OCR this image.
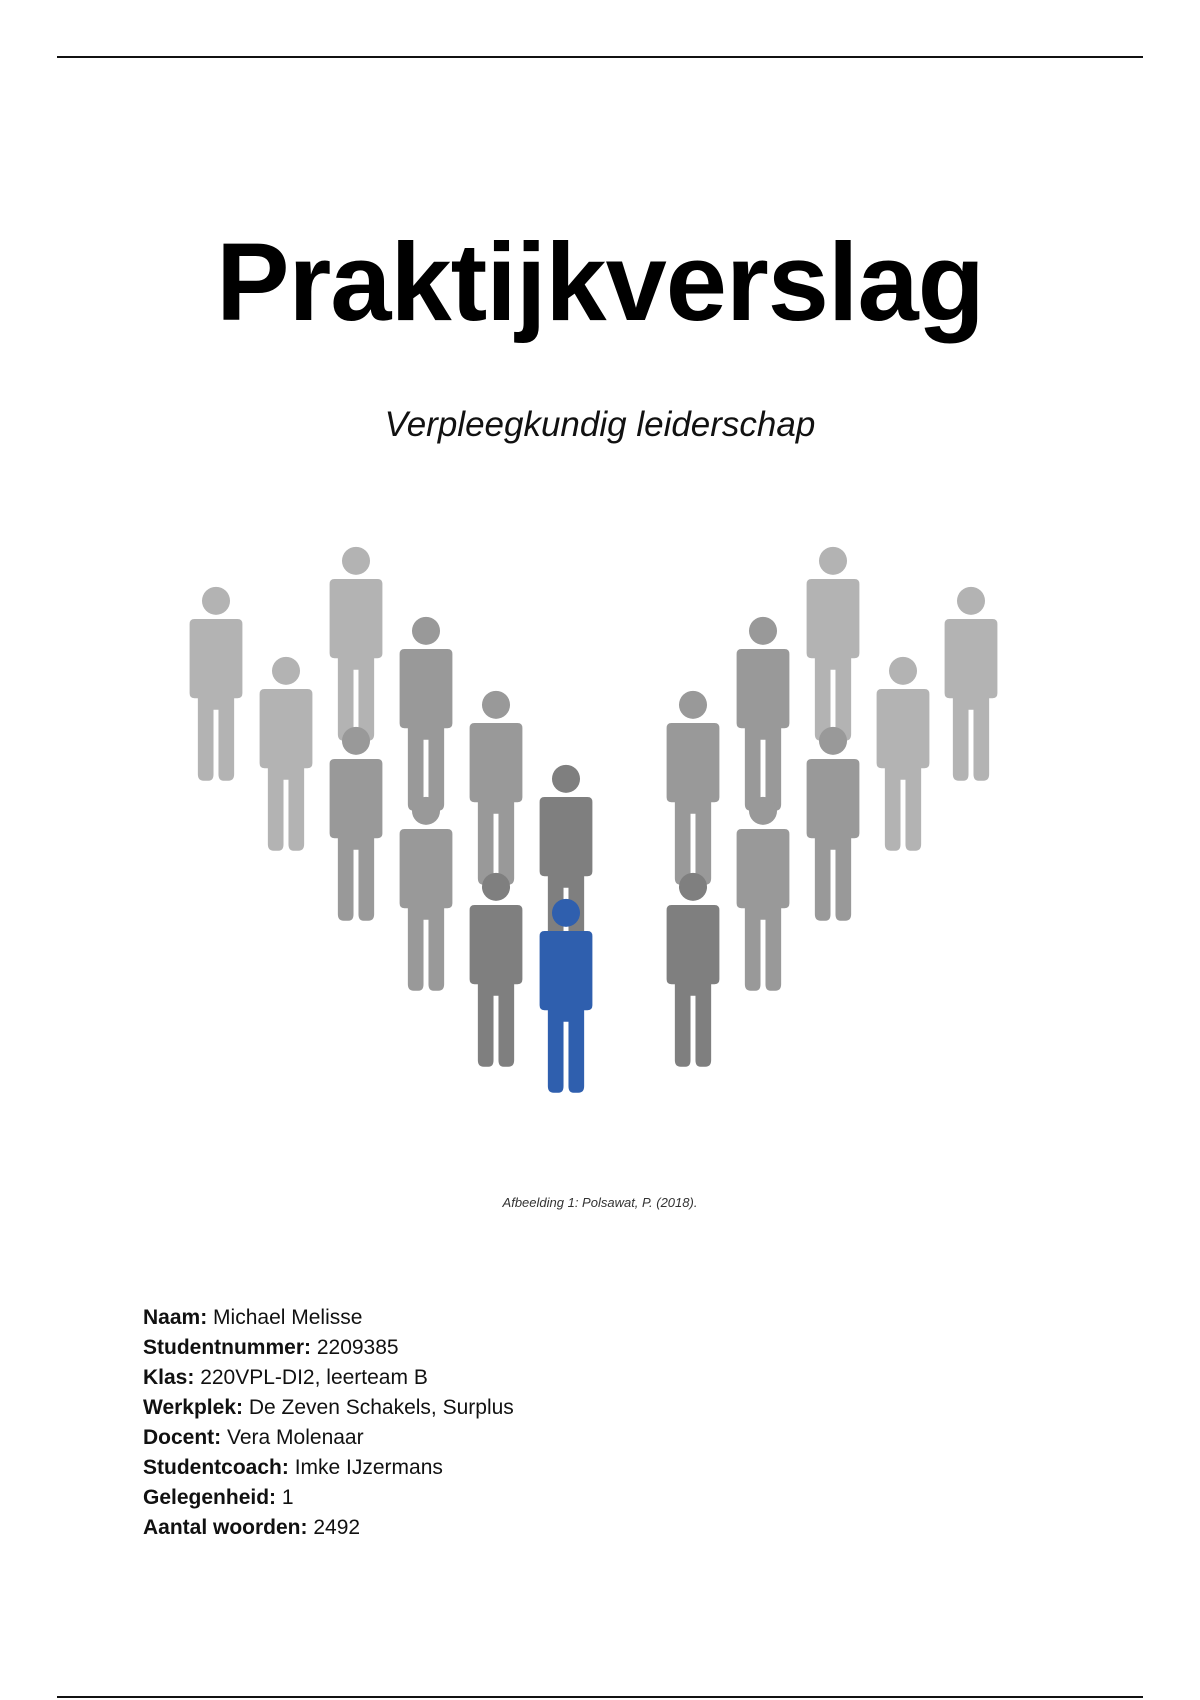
Praktijkverslag
Verpleegkundig leiderschap
Afbeelding 1: Polsawat, P. (2018).
Naam: Michael Melisse
Studentnummer: 2209385
Klas: 220VPL-DI2, leerteam B
Werkplek: De Zeven Schakels, Surplus
Docent: Vera Molenaar
Studentcoach: Imke IJzermans
Gelegenheid: 1
Aantal woorden: 2492
